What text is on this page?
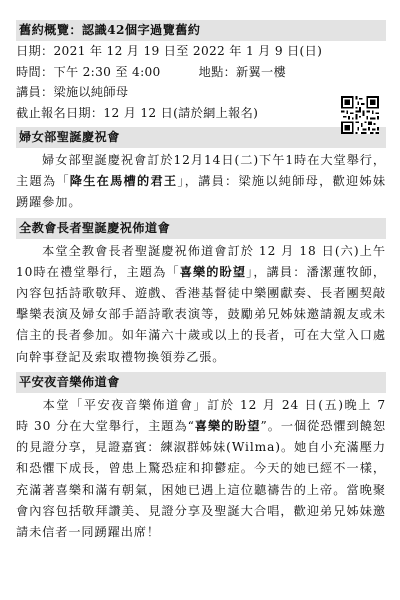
舊約概覽：認識42個字過覽舊約
日期：2021 年 12 月 19 日至 2022 年 1 月 9 日(日)
時間：下午 2:30 至 4:00	地點：新翼一樓
講員：梁施以純師母
截止報名日期：12 月 12 日(請於網上報名)
婦女部聖誕慶祝會
婦女部聖誕慶祝會訂於12月14日(二)下午1時在大堂舉行，主題為「降生在馬槽的君王」，講員：梁施以純師母，歡迎姊妹踴躍參加。
全教會長者聖誕慶祝佈道會
本堂全教會長者聖誕慶祝佈道會訂於 12 月 18 日(六)上午10時在禮堂舉行，主題為「喜樂的盼望」，講員：潘潔蓮牧師，內容包括詩歌敬拜、遊戲、香港基督徒中樂團獻奏、長者團契敲擊樂表演及婦女部手語詩歌表演等，鼓勵弟兄姊妹邀請親友或未信主的長者參加。如年滿六十歲或以上的長者，可在大堂入口處向幹事登記及索取禮物換領券乙張。
平安夜音樂佈道會
本堂「平安夜音樂佈道會」訂於 12 月 24 日(五)晚上 7 時 30 分在大堂舉行，主題為“喜樂的盼望”。一個從恐懼到饒恕的見證分享，見證嘉賓：練淑群姊妹(Wilma)。她自小充滿壓力和恐懼下成長，曾患上驚恐症和抑鬱症。今天的她已經不一樣，充滿著喜樂和滿有朝氣，困她已遇上這位聽禱告的上帝。當晚聚會內容包括敬拜讚美、見證分享及聖誕大合唱，歡迎弟兄姊妹邀請未信者一同踴躍出席！
